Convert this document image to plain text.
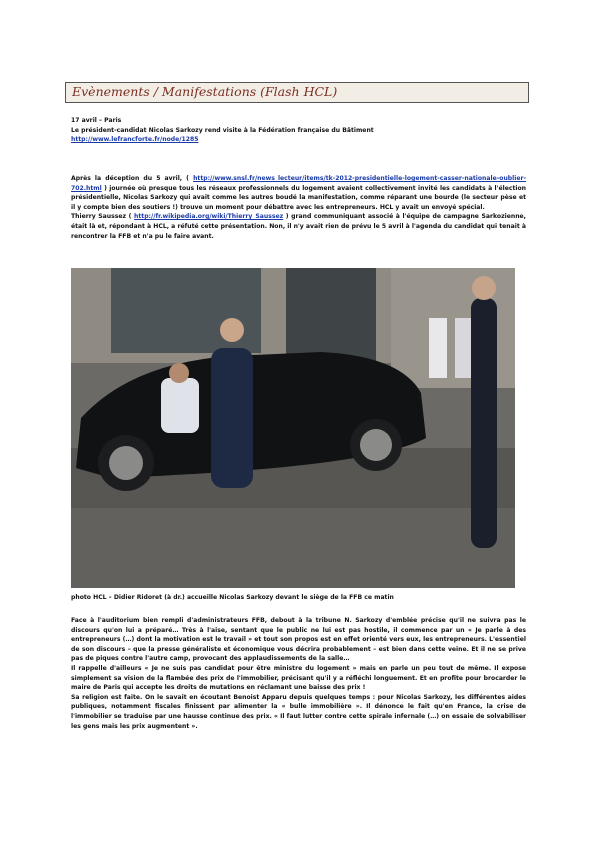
Evènements / Manifestations (Flash HCL)
17 avril – Paris
Le président-candidat Nicolas Sarkozy rend visite à la Fédération française du Bâtiment
http://www.lefrancforte.fr/node/1285

Après la déception du 5 avril, ( http://www.snsl.fr/news_lecteur/items/tk-2012-presidentielle-logement-casser-nationale-oublier-702.html ) journée où presque tous les réseaux professionnels du logement avaient collectivement invité les candidats à l'élection présidentielle, Nicolas Sarkozy qui avait comme les autres boudé la manifestation, comme réparant une bourde (le secteur pèse et il y compte bien des soutiers !) trouve un moment pour débattre avec les entrepreneurs. HCL y avait un envoyé spécial.

Thierry Saussez ( http://fr.wikipedia.org/wiki/Thierry_Saussez ) grand communiquant associé à l'équipe de campagne Sarkozienne, était là et, répondant à HCL, a réfuté cette présentation. Non, il n'y avait rien de prévu le 5 avril à l'agenda du candidat qui tenait à rencontrer la FFB et n'a pu le faire avant.

photo HCL – Didier Ridoret (à dr.) accueille Nicolas Sarkozy devant le siège de la FFB ce matin

Face à l'auditorium bien rempli d'administrateurs FFB, debout à la tribune N. Sarkozy d'emblée précise qu'il ne suivra pas le discours qu'on lui a préparé… Très à l'aise, sentant que le public ne lui est pas hostile, il commence par un « Je parle à des entrepreneurs (…) dont la motivation est le travail » et tout son propos est en effet orienté vers eux, les entrepreneurs. L'essentiel de son discours – que la presse généraliste et économique vous décrira probablement – est bien dans cette veine. Et il ne se prive pas de piques contre l'autre camp, provocant des applaudissements de la salle…

Il rappelle d'ailleurs « Je ne suis pas candidat pour être ministre du logement » mais en parle un peu tout de même. Il expose simplement sa vision de la flambée des prix de l'immobilier, précisant qu'il y a réfléchi longuement. Et en profite pour brocarder le maire de Paris qui accepte les droits de mutations en réclamant une baisse des prix !

Sa religion est faite. On le savait en écoutant Benoist Apparu depuis quelques temps : pour Nicolas Sarkozy, les différentes aides publiques, notamment fiscales finissent par alimenter la « bulle immobilière ». Il dénonce le fait qu'en France, la crise de l'immobilier se traduise par une hausse continue des prix. « Il faut lutter contre cette spirale infernale (…) on essaie de solvabiliser les gens mais les prix augmentent ».
